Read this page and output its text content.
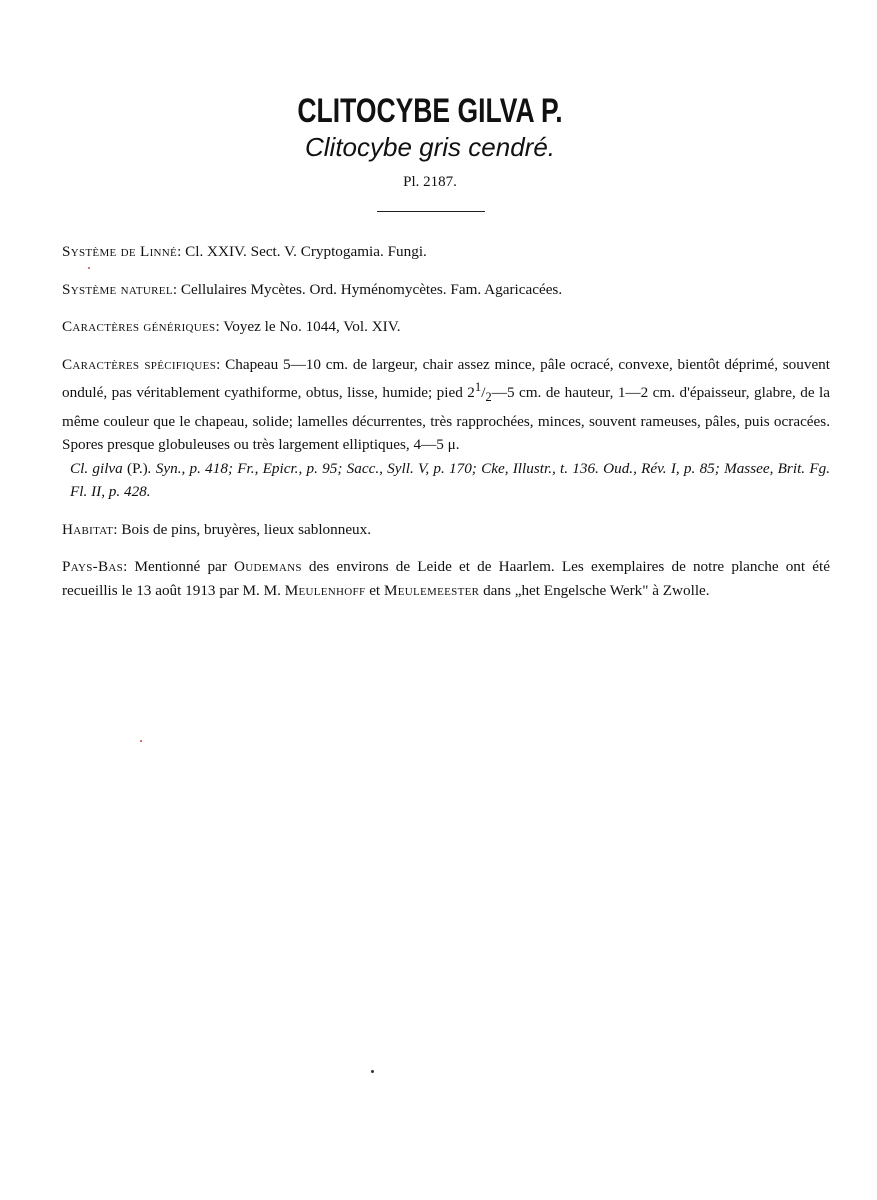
CLITOCYBE GILVA P.
Clitocybe gris cendré.
Pl. 2187.

Système de Linné: Cl. XXIV. Sect. V. Cryptogamia. Fungi.

Système naturel: Cellulaires Mycètes. Ord. Hyménomycètes. Fam. Agaricacées.

Caractères génériques: Voyez le No. 1044, Vol. XIV.

Caractères spécifiques: Chapeau 5—10 cm. de largeur, chair assez mince, pâle ocracé, convexe, bientôt déprimé, souvent ondulé, pas véritablement cyathiforme, obtus, lisse, humide; pied $2^1/_2—5$ cm. de hauteur, 1—2 cm. d'épaisseur, glabre, de la même couleur que le chapeau, solide; lamelles décurrentes, très rapprochées, minces, souvent rameuses, pâles, puis ocracées. Spores presque globuleuses ou très largement elliptiques, 4—5 μ.

Cl. gilva (P.). Syn., p. 418; Fr., Epicr., p. 95; Sacc., Syll. V, p. 170; Cke, Illustr., t. 136. Oud., Rév. I, p. 85; Massee, Brit. Fg. Fl. II, p. 428.

Habitat: Bois de pins, bruyères, lieux sablonneux.

Pays-Bas: Mentionné par Oudemans des environs de Leide et de Haarlem. Les exemplaires de notre planche ont été recueillis le 13 août 1913 par M. M. Meulenhoff et Meulemeester dans „het Engelsche Werk" à Zwolle.
